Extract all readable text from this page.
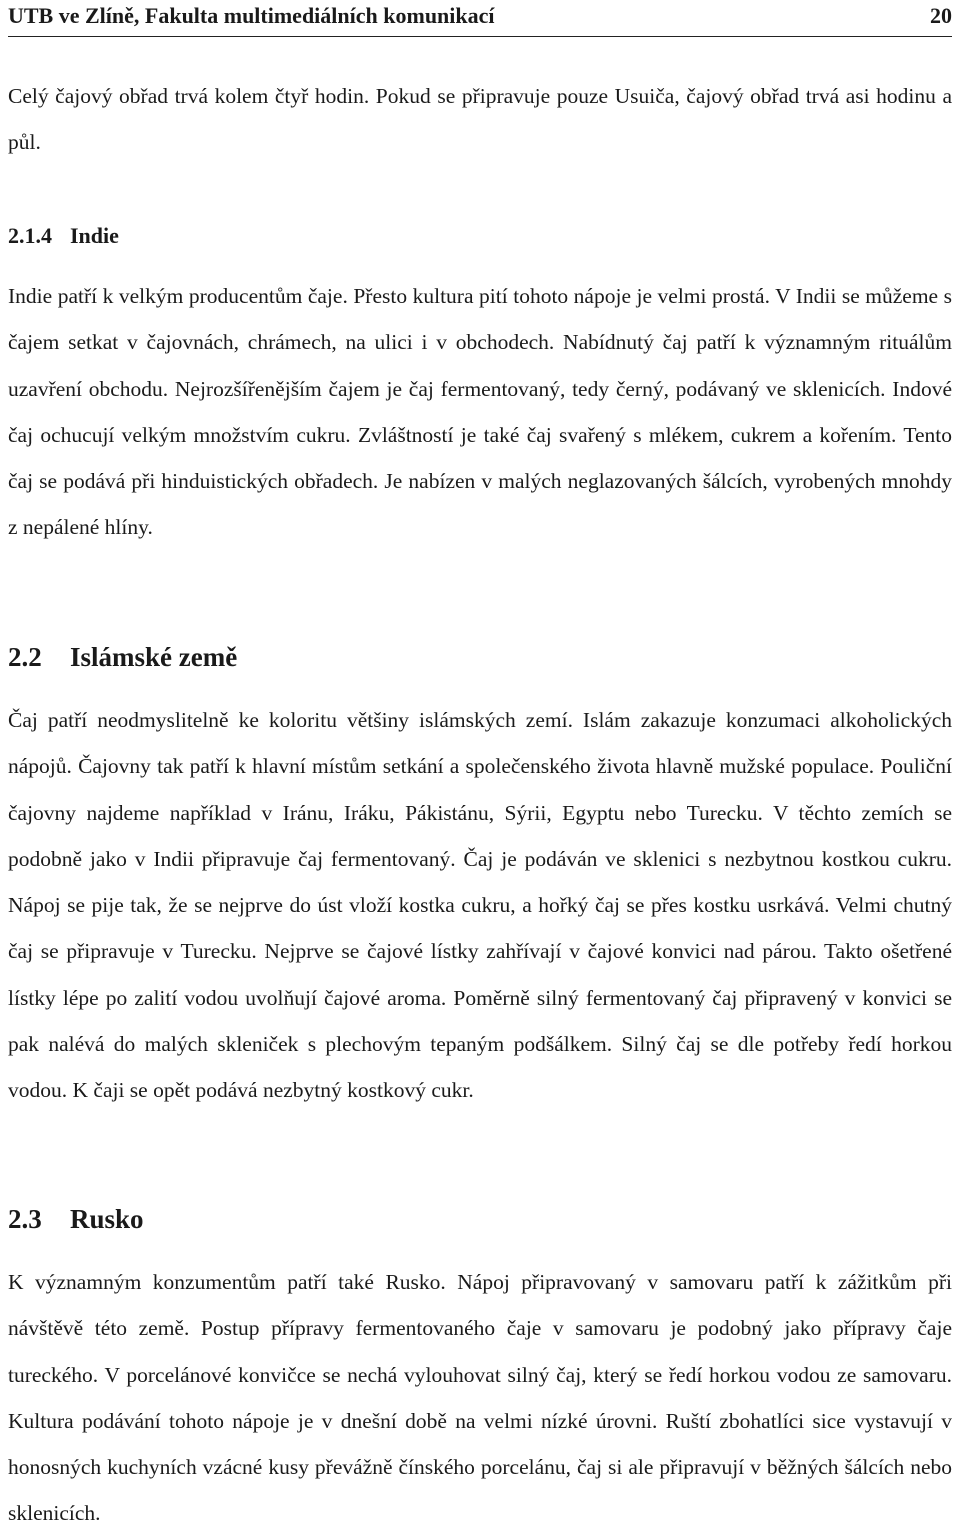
UTB ve Zlíně, Fakulta multimediálních komunikací	20
Celý čajový obřad trvá kolem čtyř hodin. Pokud se připravuje pouze Usuiča, čajový obřad trvá asi hodinu a půl.
2.1.4 Indie
Indie patří k velkým producentům čaje. Přesto kultura pití tohoto nápoje je velmi prostá. V Indii se můžeme s čajem setkat v čajovnách, chrámech, na ulici i v obchodech. Nabídnutý čaj patří k významným rituálům uzavření obchodu. Nejrozšířenějším čajem je čaj fermentovaný, tedy černý, podávaný ve sklenicích. Indové čaj ochucují velkým množstvím cukru. Zvláštností je také čaj svařený s mlékem, cukrem a kořením. Tento čaj se podává při hinduistických obřadech. Je nabízen v malých neglazovaných šálcích, vyrobených mnohdy z nepálené hlíny.
2.2 Islámské země
Čaj patří neodmyslitelně ke koloritu většiny islámských zemí. Islám zakazuje konzumaci alkoholických nápojů. Čajovny tak patří k hlavní místům setkání a společenského života hlavně mužské populace. Pouliční čajovny najdeme například v Iránu, Iráku, Pákistánu, Sýrii, Egyptu nebo Turecku. V těchto zemích se podobně jako v Indii připravuje čaj fermentovaný. Čaj je podáván ve sklenici s nezbytnou kostkou cukru. Nápoj se pije tak, že se nejprve do úst vloží kostka cukru, a hořký čaj se přes kostku usrkává. Velmi chutný čaj se připravuje v Turecku. Nejprve se čajové lístky zahřívají v čajové konvici nad párou. Takto ošetřené lístky lépe po zalití vodou uvolňují čajové aroma. Poměrně silný fermentovaný čaj připravený v konvici se pak nalévá do malých skleniček s plechovým tepaným podšálkem. Silný čaj se dle potřeby ředí horkou vodou. K čaji se opět podává nezbytný kostkový cukr.
2.3 Rusko
K významným konzumentům patří také Rusko. Nápoj připravovaný v samovaru patří k zážitkům při návštěvě této země. Postup přípravy fermentovaného čaje v samovaru je podobný jako přípravy čaje tureckého. V porcelánové konvičce se nechá vylouhovat silný čaj, který se ředí horkou vodou ze samovaru. Kultura podávání tohoto nápoje je v dnešní době na velmi nízké úrovni. Ruští zbohatlíci sice vystavují v honosných kuchyních vzácné kusy převážně čínského porcelánu, čaj si ale připravují v běžných šálcích nebo sklenicích.
